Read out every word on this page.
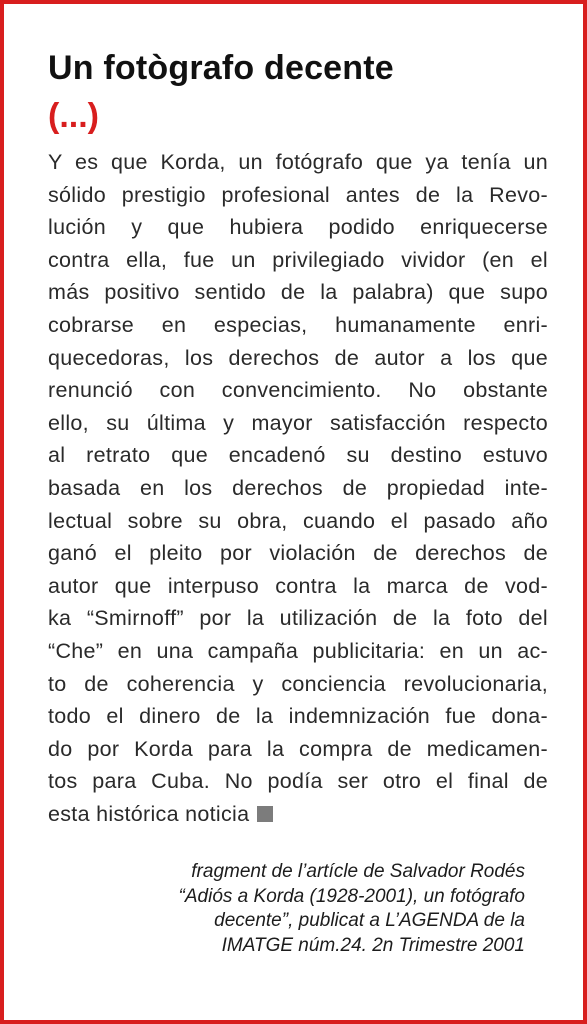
Un fotògrafo decente
(...)
Y es que Korda, un fotógrafo que ya tenía un
sólido prestigio profesional antes de la Revo-
lución y que hubiera podido enriquecerse
contra ella, fue un privilegiado vividor (en el
más positivo sentido de la palabra) que supo
cobrarse en especias, humanamente enri-
quecedoras, los derechos de autor a los que
renunció con convencimiento. No obstante
ello, su última y mayor satisfacción respecto
al retrato que encadenó su destino estuvo
basada en los derechos de propiedad inte-
lectual sobre su obra, cuando el pasado año
ganó el pleito por violación de derechos de
autor que interpuso contra la marca de vod-
ka “Smirnoff” por la utilización de la foto del
“Che” en una campaña publicitaria: en un ac-
to de coherencia y conciencia revolucionaria,
todo el dinero de la indemnización fue dona-
do por Korda para la compra de medicamen-
tos para Cuba. No podía ser otro el final de
esta histórica noticia
fragment de l’artícle de Salvador Rodés
“Adiós a Korda (1928-2001), un fotógrafo
decente”, publicat a L’AGENDA de la
IMATGE núm.24. 2n Trimestre 2001
